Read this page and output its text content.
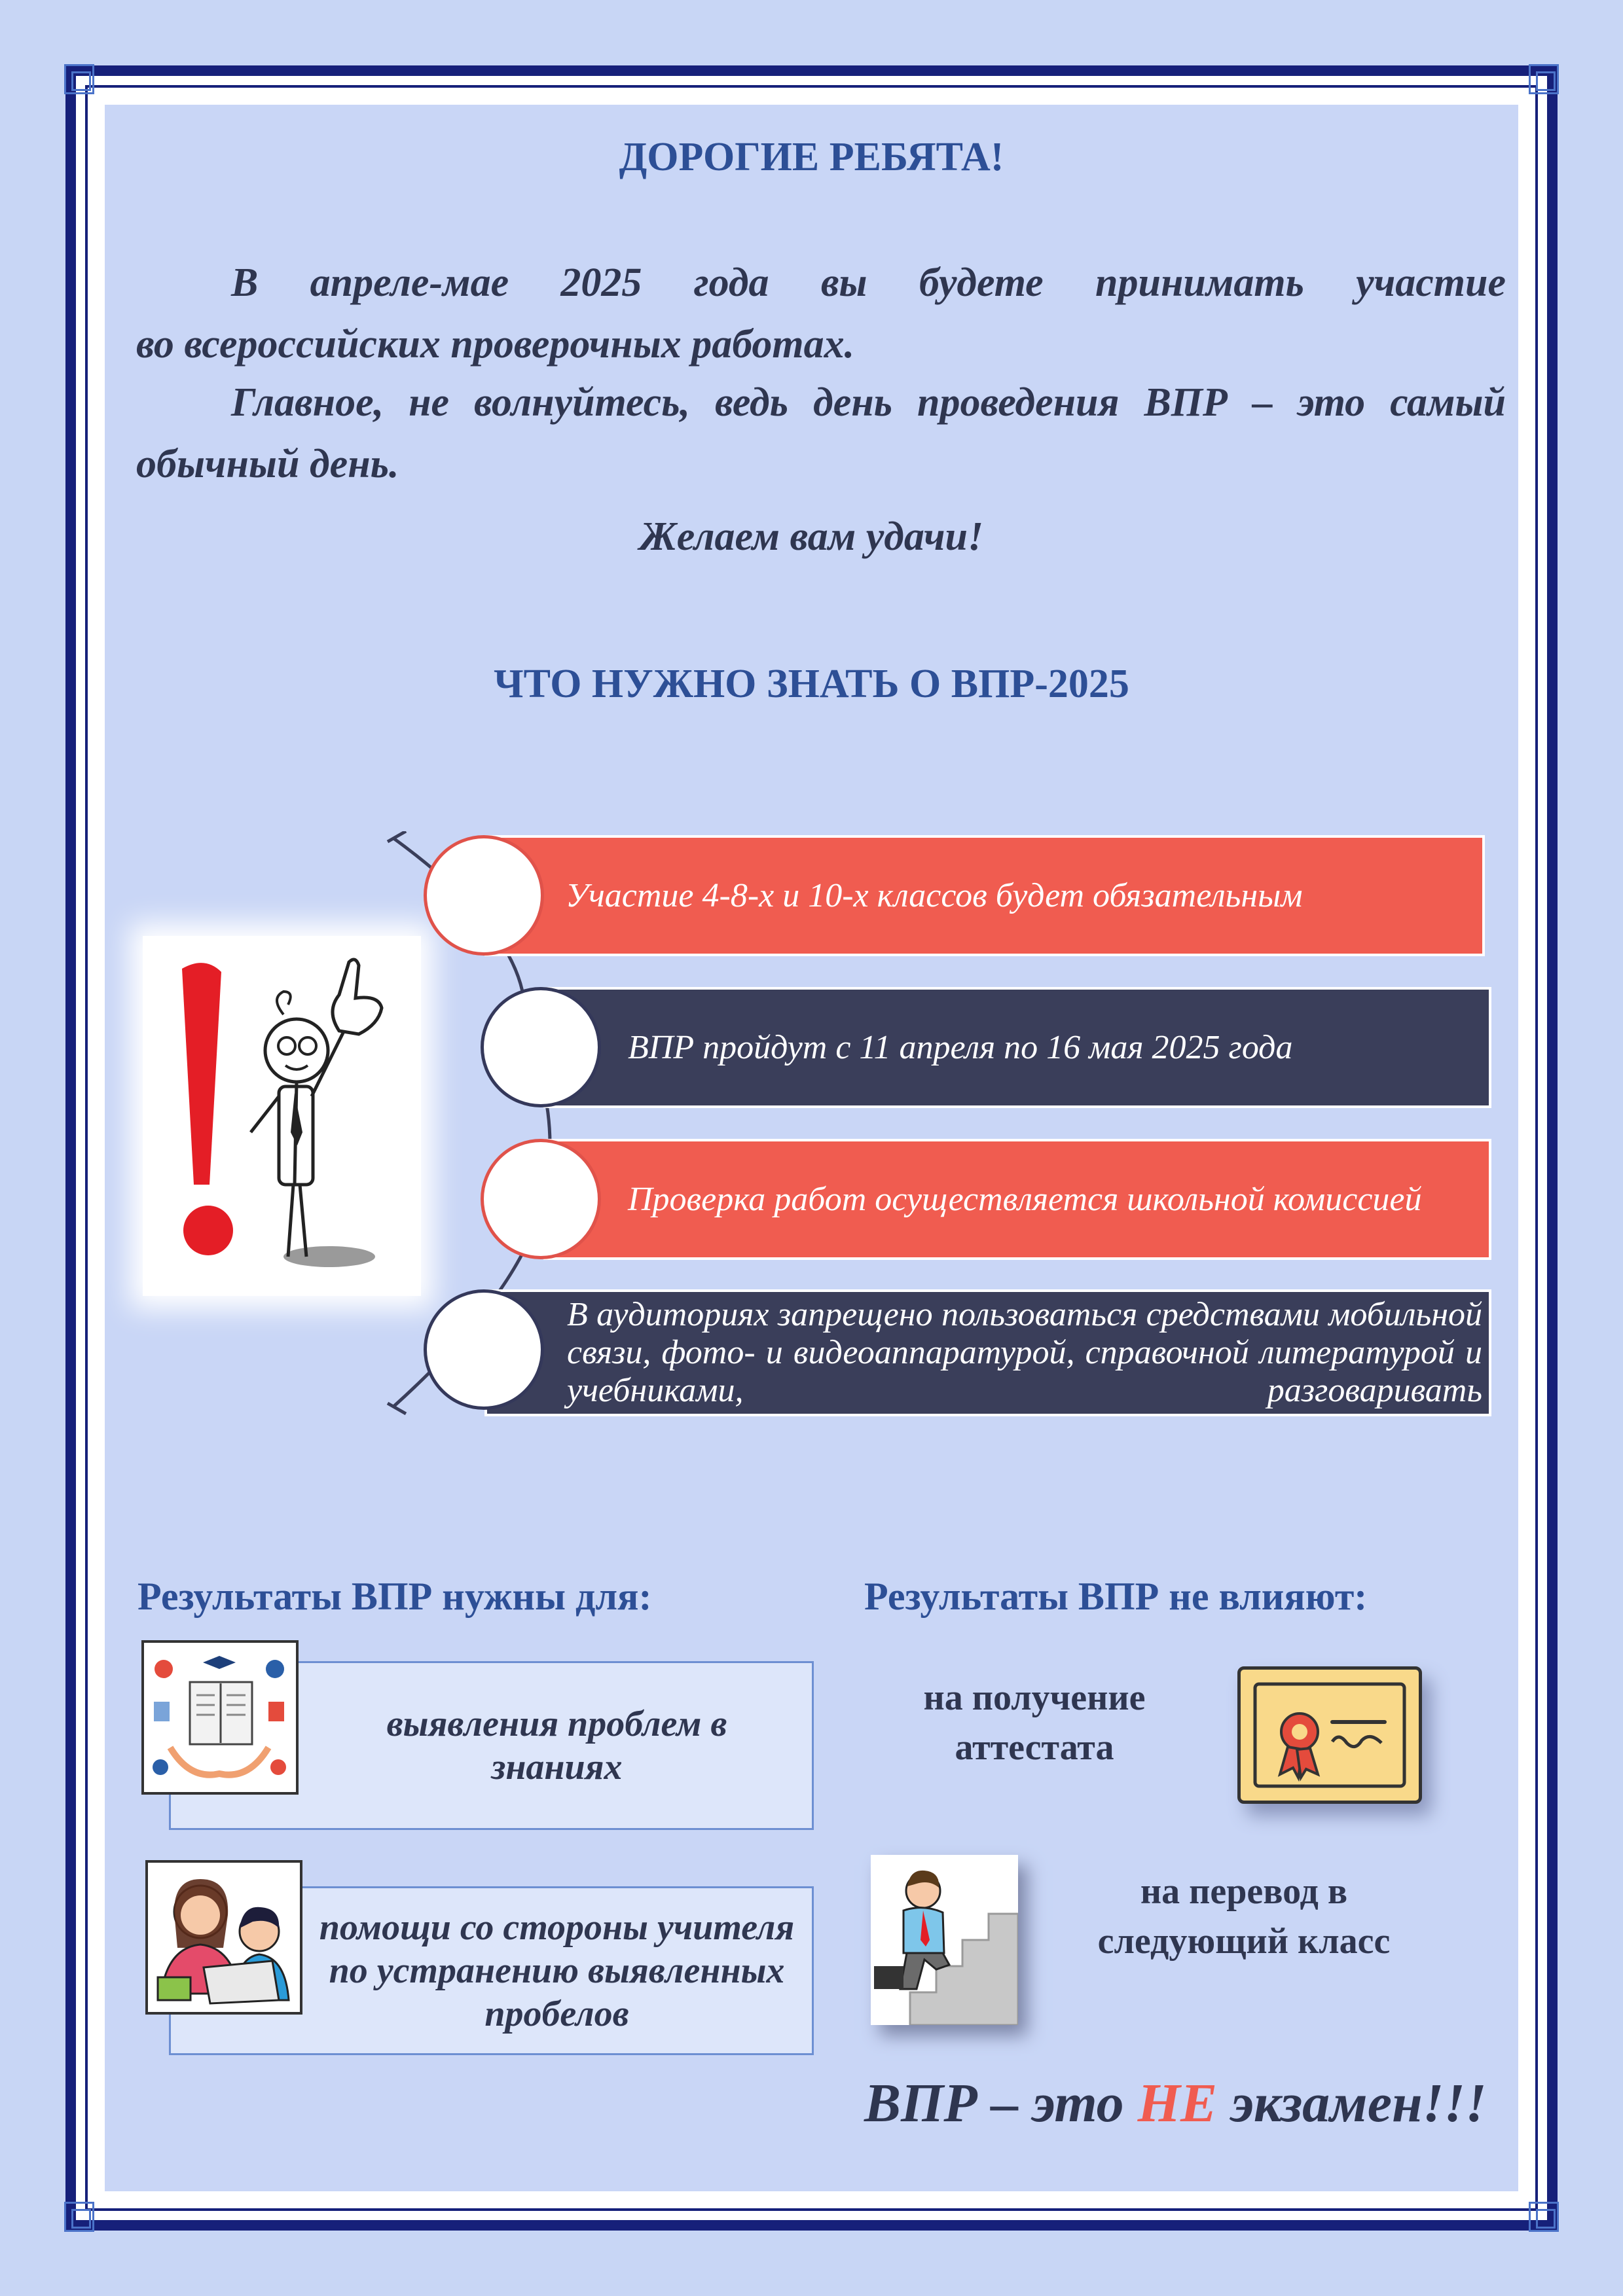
ДОРОГИЕ РЕБЯТА!
В апреле-мае 2025 года вы будете принимать участие
во всероссийских проверочных работах.
Главное, не волнуйтесь, ведь день проведения ВПР – это самый
обычный день.
Желаем вам удачи!
ЧТО НУЖНО ЗНАТЬ О ВПР-2025
Участие 4-8-х и 10-х классов будет обязательным
ВПР пройдут с 11 апреля по 16 мая 2025 года
Проверка работ осуществляется школьной комиссией
В аудиториях запрещено пользоваться средствами мобильной связи, фото- и видеоаппаратурой, справочной литературой и учебниками, разговаривать
Результаты ВПР нужны для:
выявления проблем в знаниях
помощи со стороны учителя по устранению выявленных пробелов
Результаты ВПР не влияют:
на получение аттестата
на перевод в следующий класс
ВПР – это НЕ экзамен!!!
